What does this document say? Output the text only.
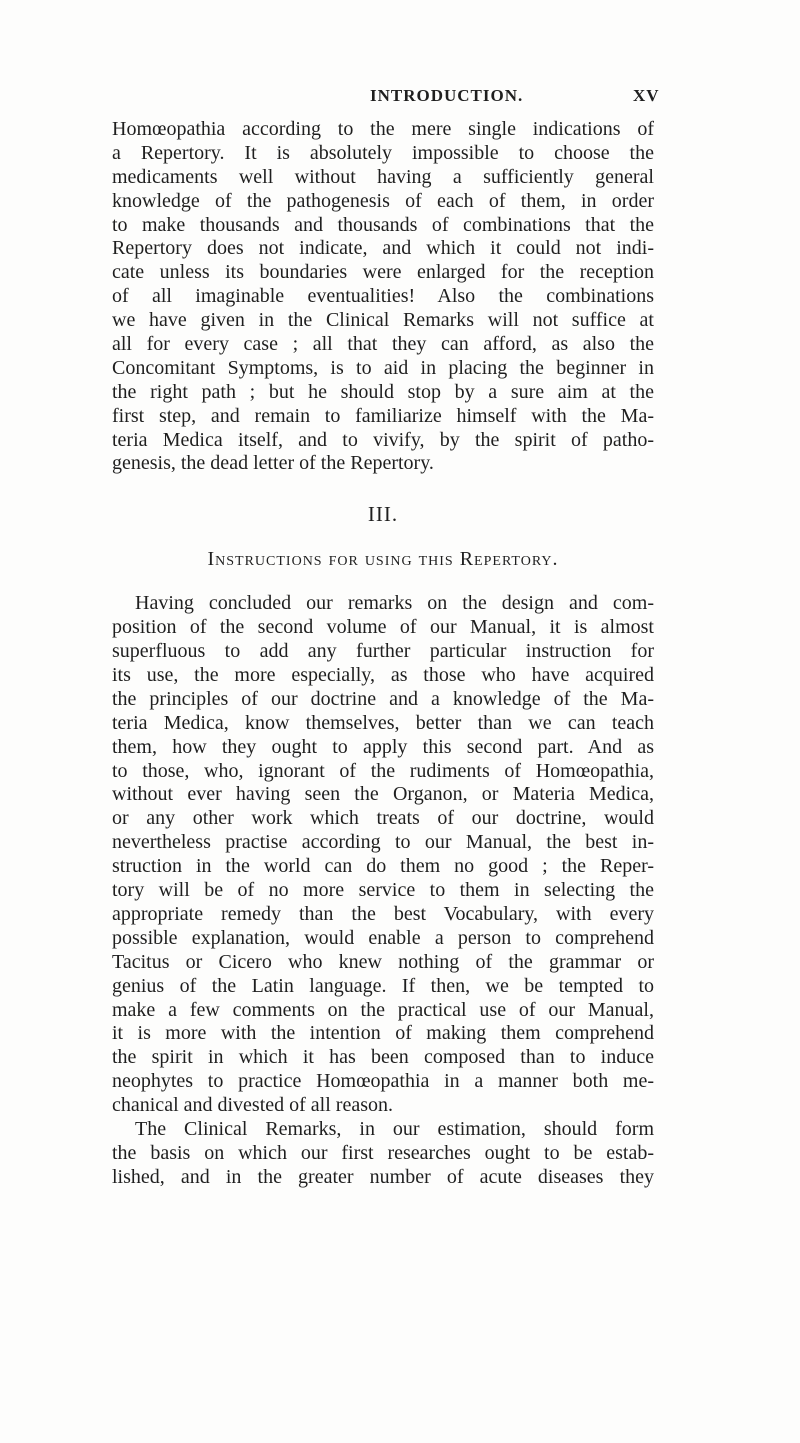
INTRODUCTION.	XV
Homœopathia according to the mere single indications of
a Repertory. It is absolutely impossible to choose the
medicaments well without having a sufficiently general
knowledge of the pathogenesis of each of them, in order
to make thousands and thousands of combinations that the
Repertory does not indicate, and which it could not indi-
cate unless its boundaries were enlarged for the reception
of all imaginable eventualities! Also the combinations
we have given in the Clinical Remarks will not suffice at
all for every case ; all that they can afford, as also the
Concomitant Symptoms, is to aid in placing the beginner in
the right path ; but he should stop by a sure aim at the
first step, and remain to familiarize himself with the Ma-
teria Medica itself, and to vivify, by the spirit of patho-
genesis, the dead letter of the Repertory.
III.
Instructions for using this Repertory.
Having concluded our remarks on the design and com-
position of the second volume of our Manual, it is almost
superfluous to add any further particular instruction for
its use, the more especially, as those who have acquired
the principles of our doctrine and a knowledge of the Ma-
teria Medica, know themselves, better than we can teach
them, how they ought to apply this second part. And as
to those, who, ignorant of the rudiments of Homœopathia,
without ever having seen the Organon, or Materia Medica,
or any other work which treats of our doctrine, would
nevertheless practise according to our Manual, the best in-
struction in the world can do them no good ; the Reper-
tory will be of no more service to them in selecting the
appropriate remedy than the best Vocabulary, with every
possible explanation, would enable a person to comprehend
Tacitus or Cicero who knew nothing of the grammar or
genius of the Latin language. If then, we be tempted to
make a few comments on the practical use of our Manual,
it is more with the intention of making them comprehend
the spirit in which it has been composed than to induce
neophytes to practice Homœopathia in a manner both me-
chanical and divested of all reason.
The Clinical Remarks, in our estimation, should form
the basis on which our first researches ought to be estab-
lished, and in the greater number of acute diseases they
